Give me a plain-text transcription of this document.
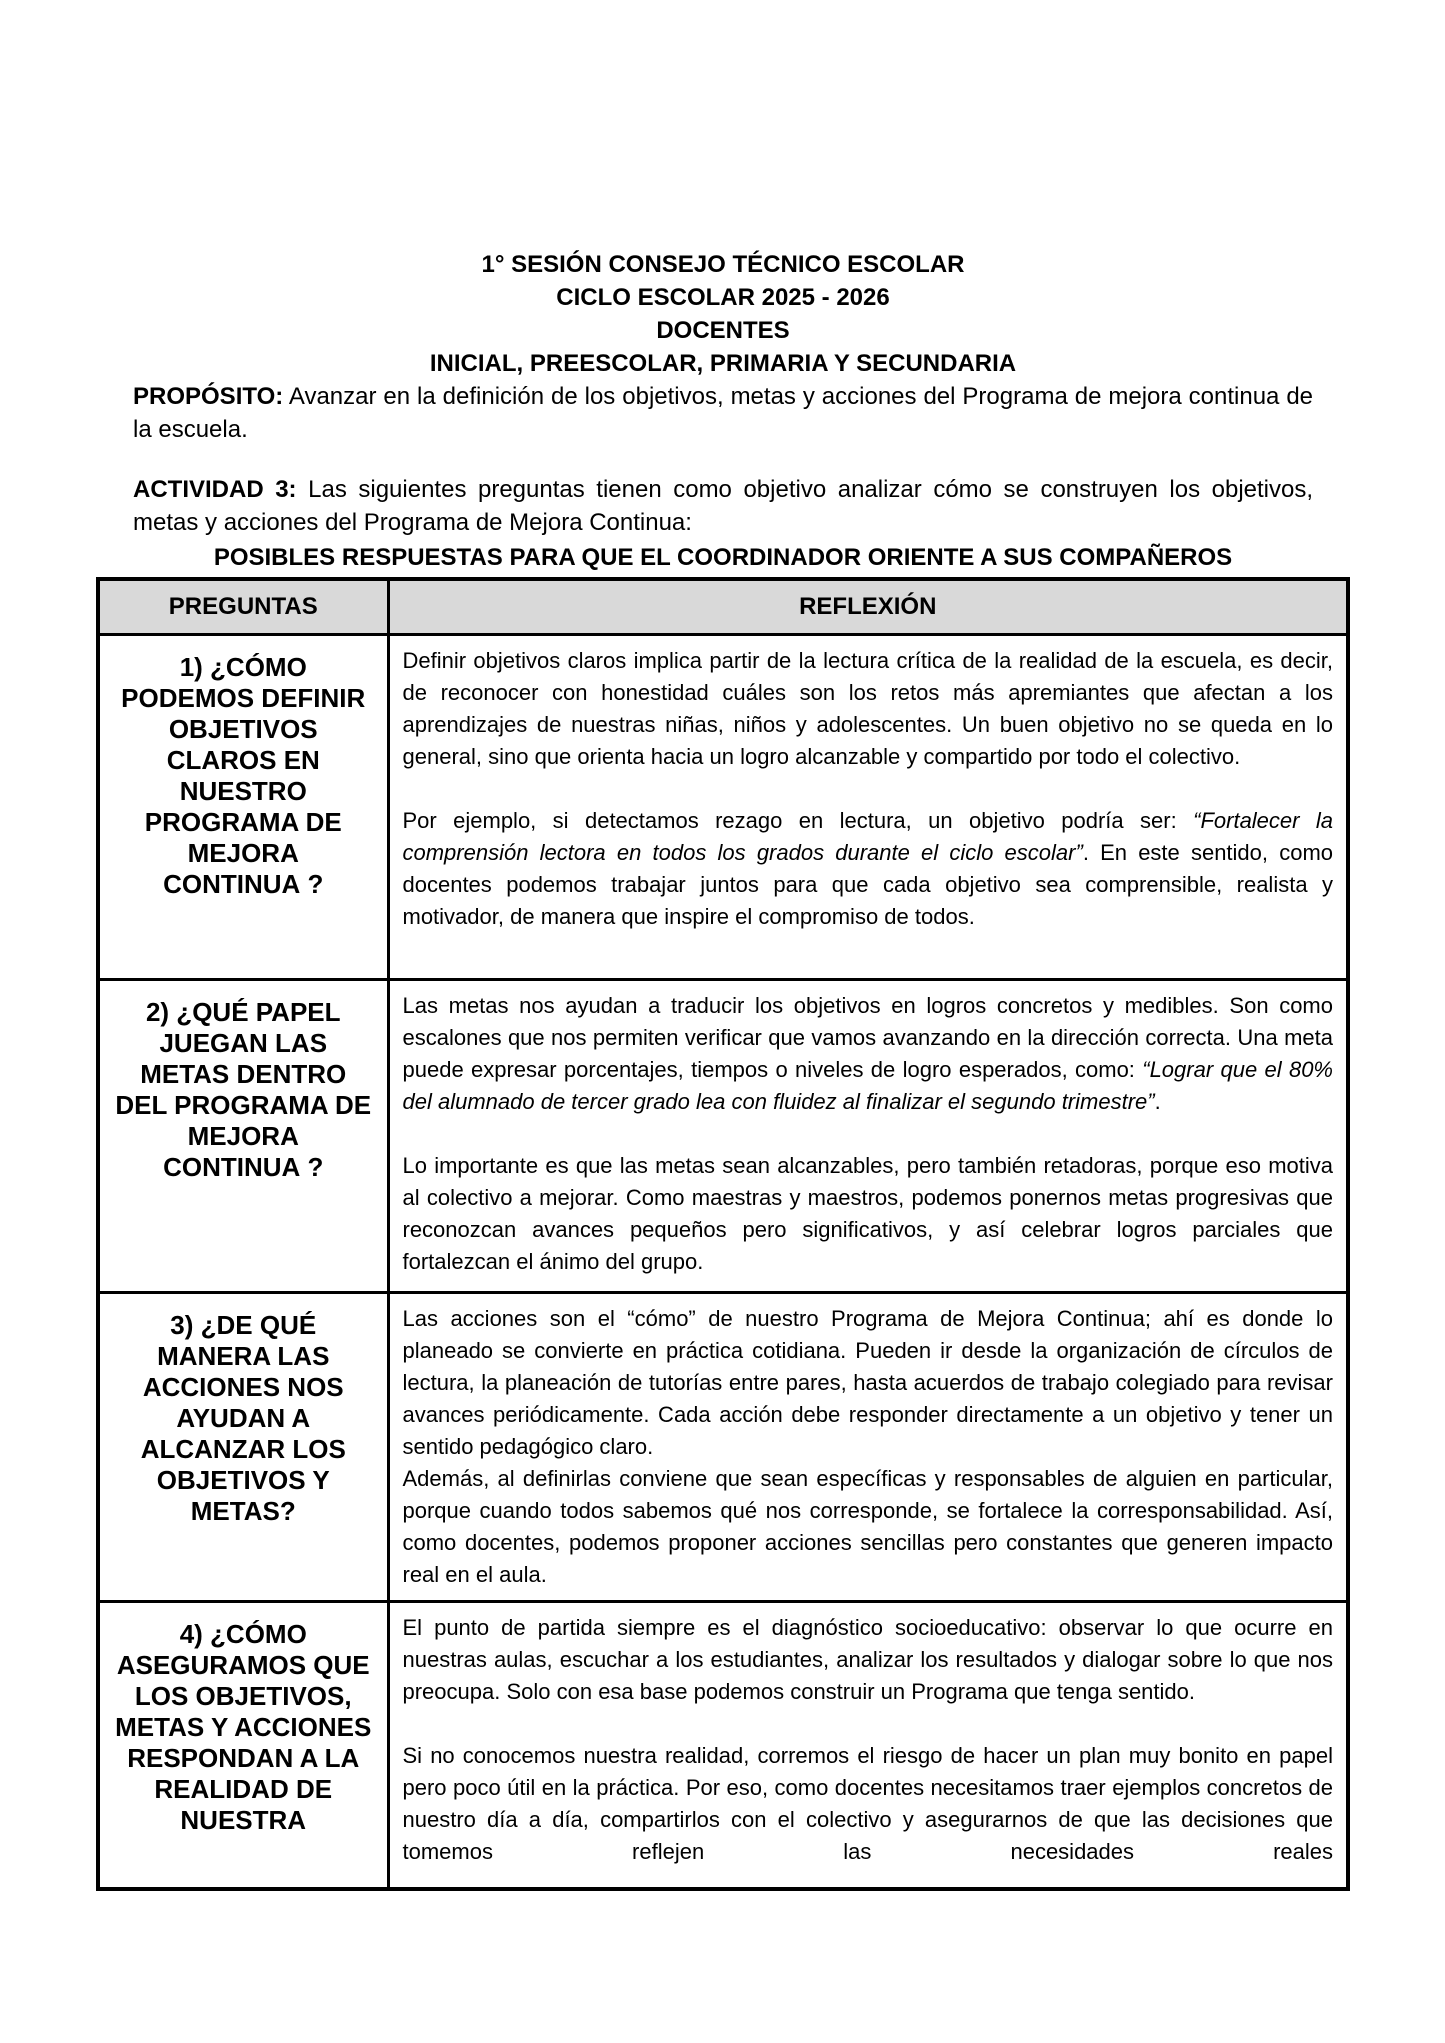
1° SESIÓN CONSEJO TÉCNICO ESCOLAR
CICLO ESCOLAR 2025 - 2026
DOCENTES
INICIAL, PREESCOLAR, PRIMARIA Y SECUNDARIA

PROPÓSITO: Avanzar en la definición de los objetivos, metas y acciones del Programa de mejora continua de la escuela.

ACTIVIDAD 3: Las siguientes preguntas tienen como objetivo analizar cómo se construyen los objetivos, metas y acciones del Programa de Mejora Continua:

POSIBLES RESPUESTAS PARA QUE EL COORDINADOR ORIENTE A SUS COMPAÑEROS
PREGUNTAS	REFLEXIÓN
1) ¿CÓMO PODEMOS DEFINIR OBJETIVOS CLAROS EN NUESTRO PROGRAMA DE MEJORA CONTINUA ?	Definir objetivos claros implica partir de la lectura crítica de la realidad de la escuela, es decir, de reconocer con honestidad cuáles son los retos más apremiantes que afectan a los aprendizajes de nuestras niñas, niños y adolescentes. Un buen objetivo no se queda en lo general, sino que orienta hacia un logro alcanzable y compartido por todo el colectivo.

Por ejemplo, si detectamos rezago en lectura, un objetivo podría ser: “Fortalecer la comprensión lectora en todos los grados durante el ciclo escolar”. En este sentido, como docentes podemos trabajar juntos para que cada objetivo sea comprensible, realista y motivador, de manera que inspire el compromiso de todos.

2) ¿QUÉ PAPEL JUEGAN LAS METAS DENTRO DEL PROGRAMA DE MEJORA CONTINUA ?	Las metas nos ayudan a traducir los objetivos en logros concretos y medibles. Son como escalones que nos permiten verificar que vamos avanzando en la dirección correcta. Una meta puede expresar porcentajes, tiempos o niveles de logro esperados, como: “Lograr que el 80% del alumnado de tercer grado lea con fluidez al finalizar el segundo trimestre”.

Lo importante es que las metas sean alcanzables, pero también retadoras, porque eso motiva al colectivo a mejorar. Como maestras y maestros, podemos ponernos metas progresivas que reconozcan avances pequeños pero significativos, y así celebrar logros parciales que fortalezcan el ánimo del grupo.

3) ¿DE QUÉ MANERA LAS ACCIONES NOS AYUDAN A ALCANZAR LOS OBJETIVOS Y METAS?	Las acciones son el “cómo” de nuestro Programa de Mejora Continua; ahí es donde lo planeado se convierte en práctica cotidiana. Pueden ir desde la organización de círculos de lectura, la planeación de tutorías entre pares, hasta acuerdos de trabajo colegiado para revisar avances periódicamente. Cada acción debe responder directamente a un objetivo y tener un sentido pedagógico claro.

Además, al definirlas conviene que sean específicas y responsables de alguien en particular, porque cuando todos sabemos qué nos corresponde, se fortalece la corresponsabilidad. Así, como docentes, podemos proponer acciones sencillas pero constantes que generen impacto real en el aula.

4) ¿CÓMO ASEGURAMOS QUE LOS OBJETIVOS, METAS Y ACCIONES RESPONDAN A LA REALIDAD DE NUESTRA	El punto de partida siempre es el diagnóstico socioeducativo: observar lo que ocurre en nuestras aulas, escuchar a los estudiantes, analizar los resultados y dialogar sobre lo que nos preocupa. Solo con esa base podemos construir un Programa que tenga sentido.

Si no conocemos nuestra realidad, corremos el riesgo de hacer un plan muy bonito en papel pero poco útil en la práctica. Por eso, como docentes necesitamos traer ejemplos concretos de nuestro día a día, compartirlos con el colectivo y asegurarnos de que las decisiones que tomemos reflejen las necesidades reales
